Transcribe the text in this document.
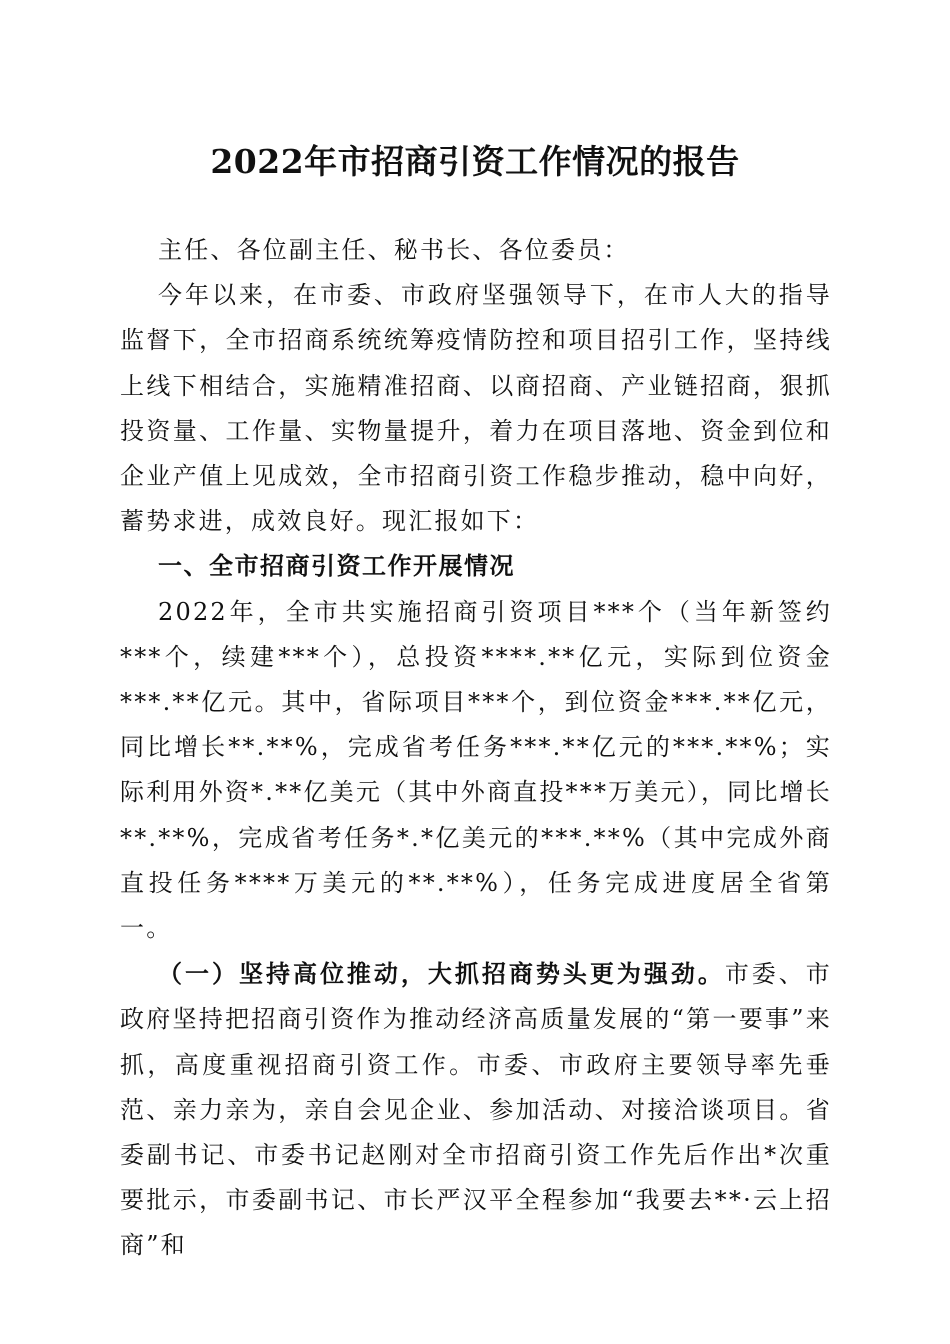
2022年市招商引资工作情况的报告

主任、各位副主任、秘书长、各位委员：

今年以来，在市委、市政府坚强领导下，在市人大的指导监督下，全市招商系统统筹疫情防控和项目招引工作，坚持线上线下相结合，实施精准招商、以商招商、产业链招商，狠抓投资量、工作量、实物量提升，着力在项目落地、资金到位和企业产值上见成效，全市招商引资工作稳步推动，稳中向好，蓄势求进，成效良好。现汇报如下：

一、全市招商引资工作开展情况

2022年，全市共实施招商引资项目***个（当年新签约***个，续建***个），总投资****.**亿元，实际到位资金***.**亿元。其中，省际项目***个，到位资金***.**亿元，同比增长**.**%，完成省考任务***.**亿元的***.**%；实际利用外资*.**亿美元（其中外商直投***万美元），同比增长**.**%，完成省考任务*.*亿美元的***.**%（其中完成外商直投任务****万美元的**.**%），任务完成进度居全省第一。

（一）坚持高位推动，大抓招商势头更为强劲。市委、市政府坚持把招商引资作为推动经济高质量发展的“第一要事”来抓，高度重视招商引资工作。市委、市政府主要领导率先垂范、亲力亲为，亲自会见企业、参加活动、对接洽谈项目。省委副书记、市委书记赵刚对全市招商引资工作先后作出*次重要批示，市委副书记、市长严汉平全程参加“我要去**·云上招商”和
